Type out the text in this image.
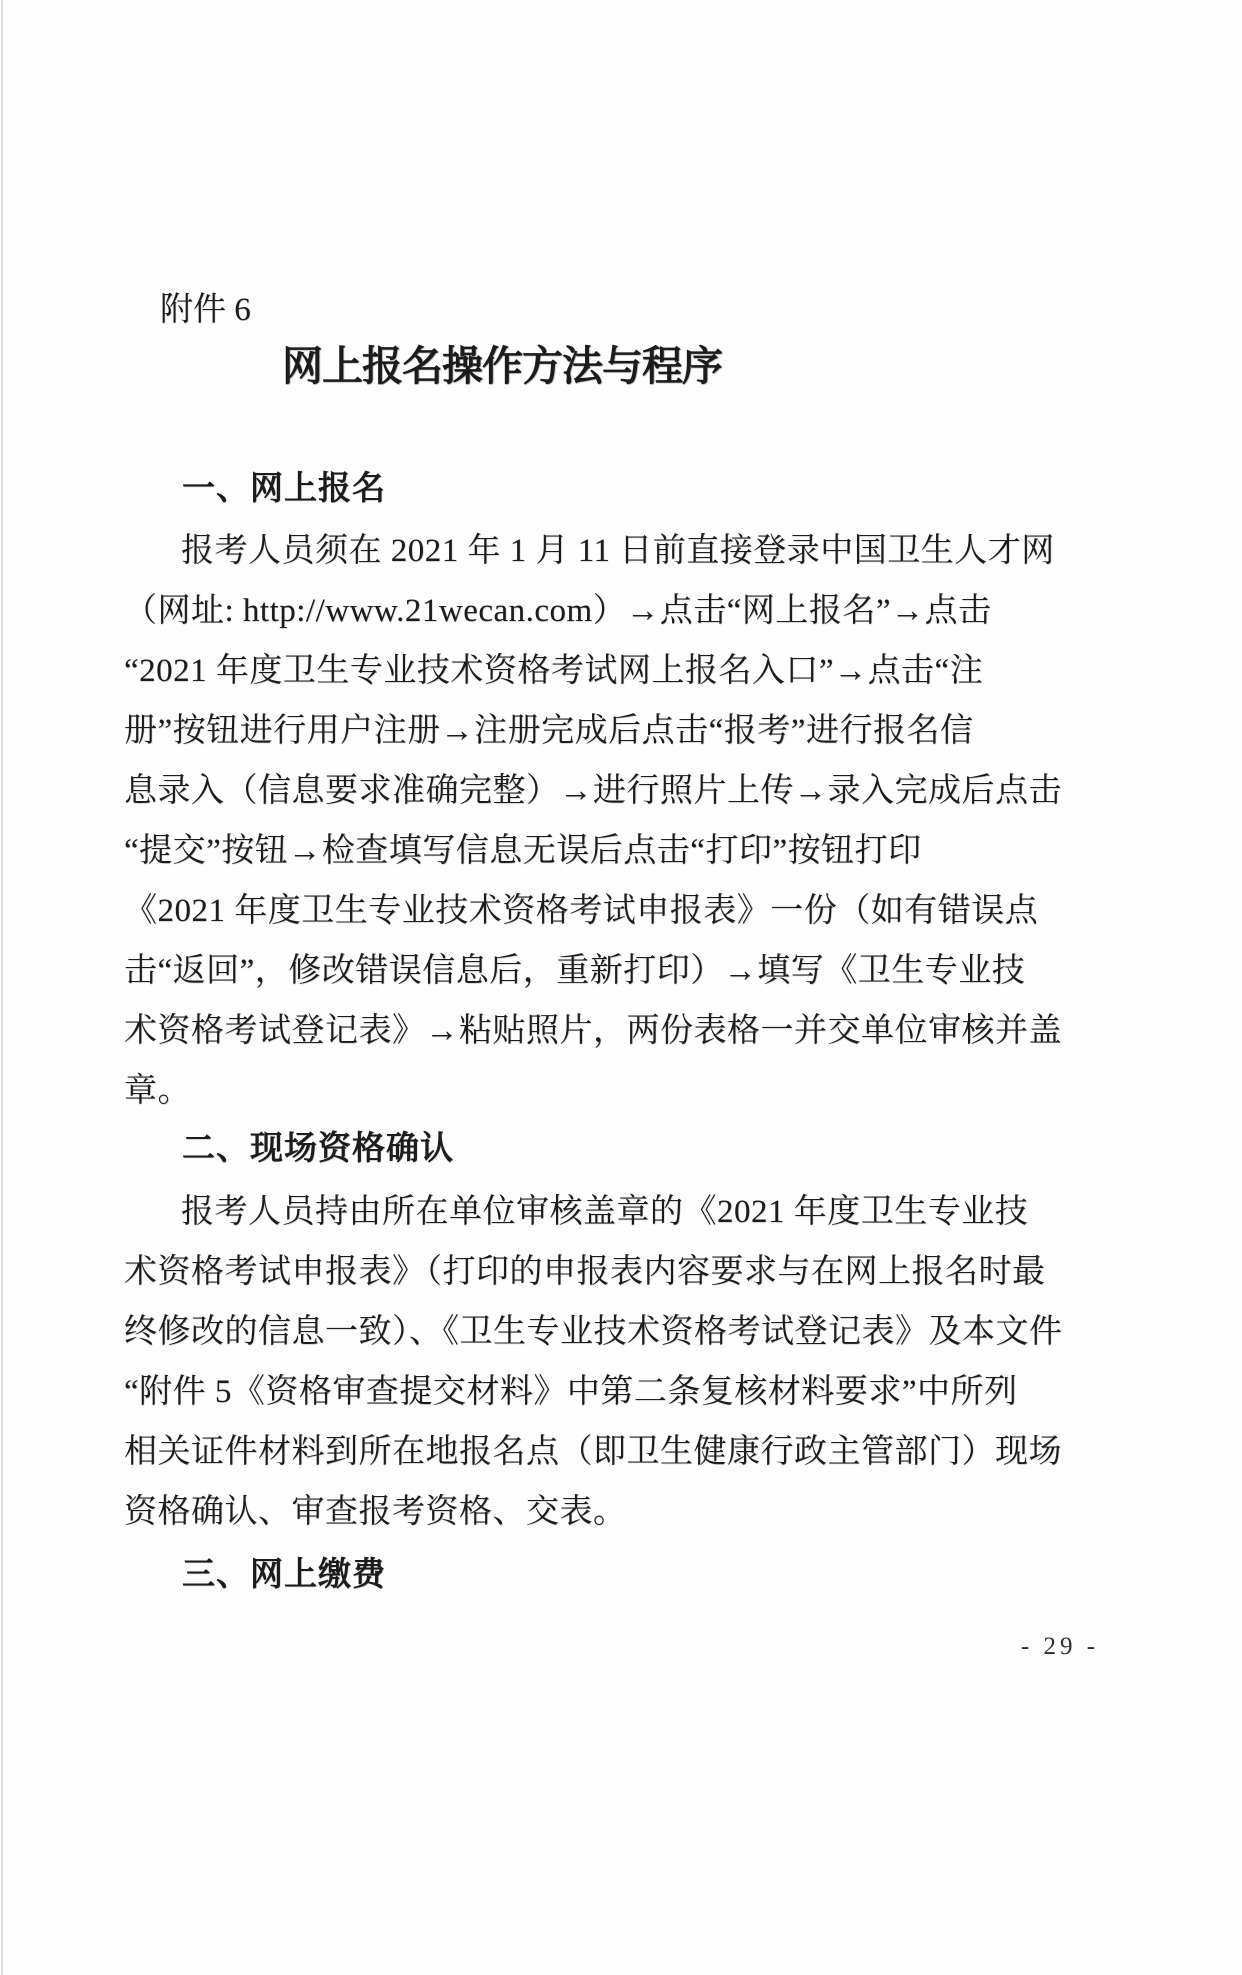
附件 6
网上报名操作方法与程序
一、网上报名
报考人员须在 2021 年 1 月 11 日前直接登录中国卫生人才网
（网址: http://www.21wecan.com）→点击“网上报名”→点击
“2021 年度卫生专业技术资格考试网上报名入口”→点击“注
册”按钮进行用户注册→注册完成后点击“报考”进行报名信
息录入（信息要求准确完整）→进行照片上传→录入完成后点击
“提交”按钮→检查填写信息无误后点击“打印”按钮打印
《2021 年度卫生专业技术资格考试申报表》一份（如有错误点
击“返回”，修改错误信息后，重新打印）→填写《卫生专业技
术资格考试登记表》→粘贴照片，两份表格一并交单位审核并盖
章。
二、现场资格确认
报考人员持由所在单位审核盖章的《2021 年度卫生专业技
术资格考试申报表》（打印的申报表内容要求与在网上报名时最
终修改的信息一致）、《卫生专业技术资格考试登记表》及本文件
“附件 5《资格审查提交材料》中第二条复核材料要求”中所列
相关证件材料到所在地报名点（即卫生健康行政主管部门）现场
资格确认、审查报考资格、交表。
三、网上缴费
- 29 -
